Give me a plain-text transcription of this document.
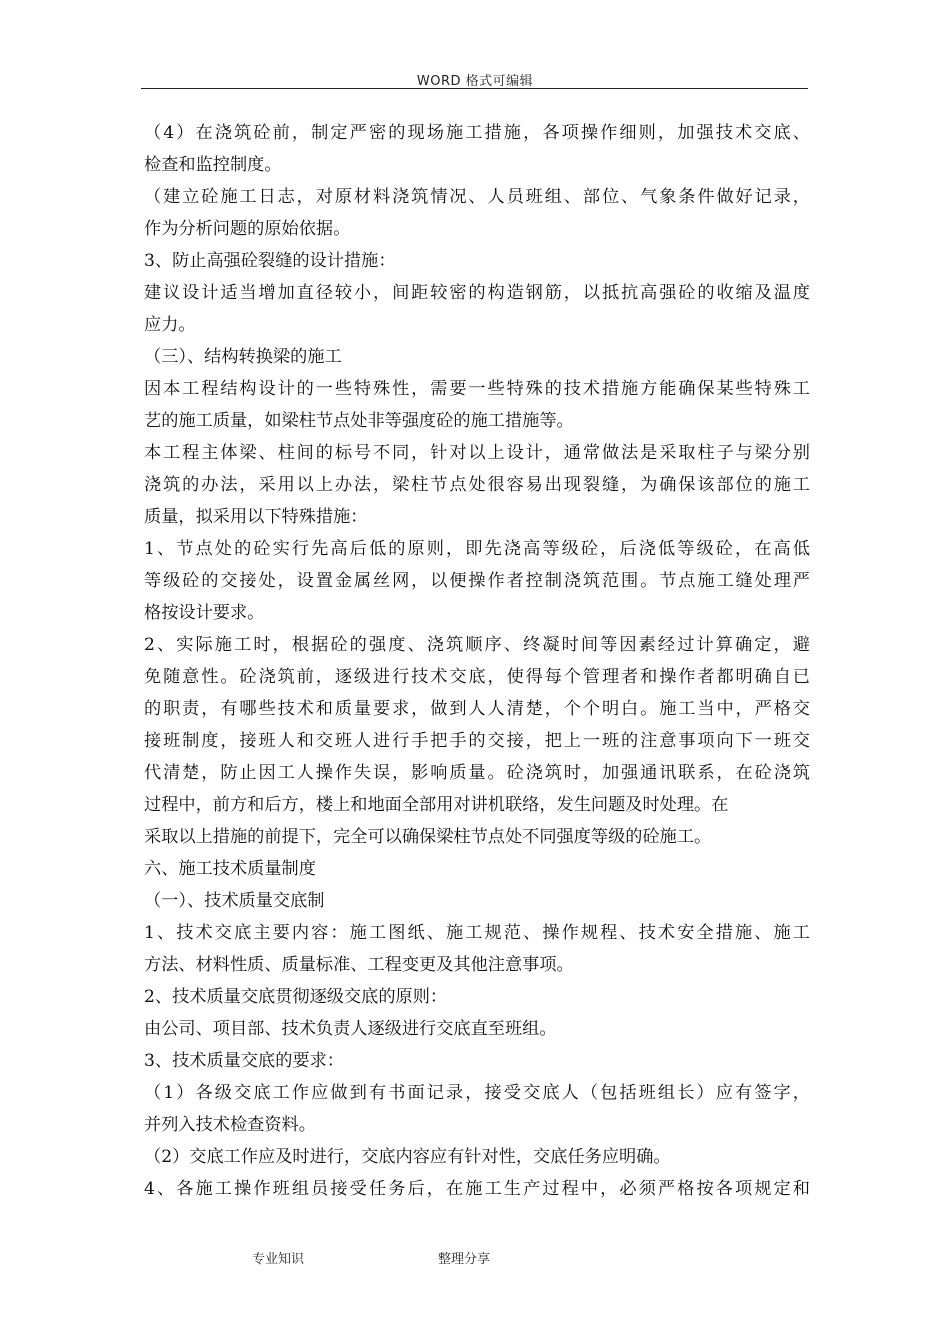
WORD 格式可编辑
（4）在浇筑砼前，制定严密的现场施工措施，各项操作细则，加强技术交底、
检查和监控制度。
（建立砼施工日志，对原材料浇筑情况、人员班组、部位、气象条件做好记录，
作为分析问题的原始依据。
3、防止高强砼裂缝的设计措施：
建议设计适当增加直径较小，间距较密的构造钢筋，以抵抗高强砼的收缩及温度
应力。
（三）、结构转换梁的施工
因本工程结构设计的一些特殊性，需要一些特殊的技术措施方能确保某些特殊工
艺的施工质量，如梁柱节点处非等强度砼的施工措施等。
本工程主体梁、柱间的标号不同，针对以上设计，通常做法是采取柱子与梁分别
浇筑的办法，采用以上办法，梁柱节点处很容易出现裂缝，为确保该部位的施工
质量，拟采用以下特殊措施：
1、节点处的砼实行先高后低的原则，即先浇高等级砼，后浇低等级砼，在高低
等级砼的交接处，设置金属丝网，以便操作者控制浇筑范围。节点施工缝处理严
格按设计要求。
2、实际施工时，根据砼的强度、浇筑顺序、终凝时间等因素经过计算确定，避
免随意性。砼浇筑前，逐级进行技术交底，使得每个管理者和操作者都明确自已
的职责，有哪些技术和质量要求，做到人人清楚，个个明白。施工当中，严格交
接班制度，接班人和交班人进行手把手的交接，把上一班的注意事项向下一班交
代清楚，防止因工人操作失误，影响质量。砼浇筑时，加强通讯联系，在砼浇筑
过程中，前方和后方，楼上和地面全部用对讲机联络，发生问题及时处理。在
采取以上措施的前提下，完全可以确保梁柱节点处不同强度等级的砼施工。
六、施工技术质量制度
（一）、技术质量交底制
1、技术交底主要内容：施工图纸、施工规范、操作规程、技术安全措施、施工
方法、材料性质、质量标准、工程变更及其他注意事项。
2、技术质量交底贯彻逐级交底的原则：
由公司、项目部、技术负责人逐级进行交底直至班组。
3、技术质量交底的要求：
（1）各级交底工作应做到有书面记录，接受交底人（包括班组长）应有签字，
并列入技术检查资料。
（2）交底工作应及时进行，交底内容应有针对性，交底任务应明确。
4、各施工操作班组员接受任务后，在施工生产过程中，必须严格按各项规定和
专业知识	整理分享
